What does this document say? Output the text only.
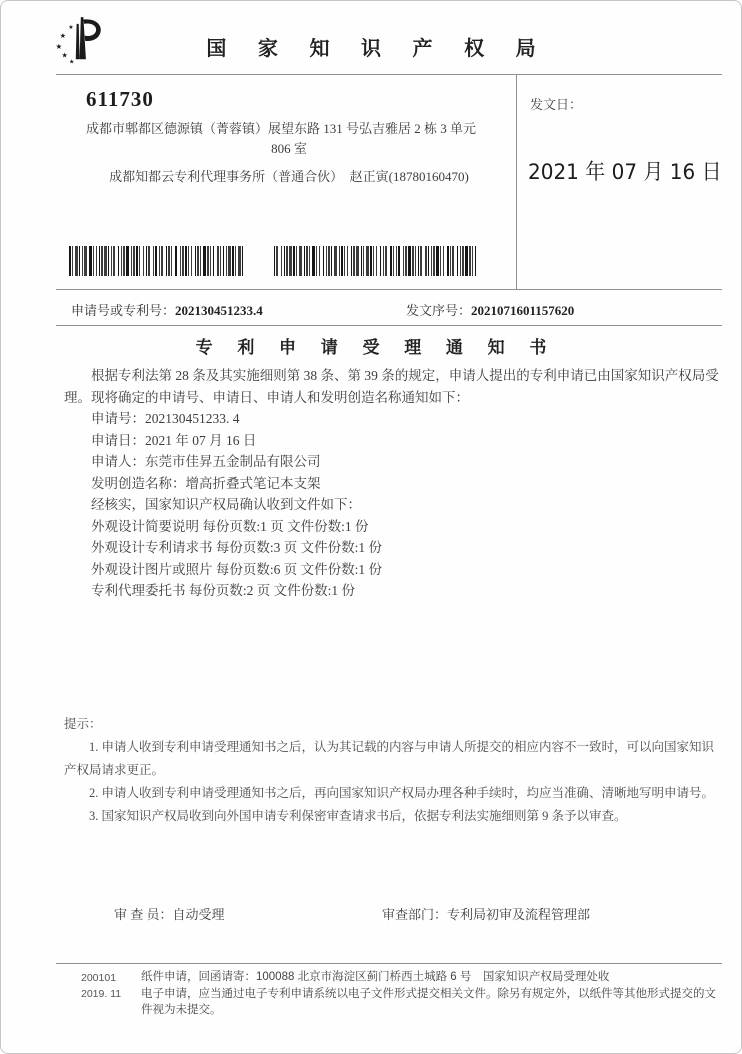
★
★
★
★
★
国 家 知 识 产 权 局
611730
成都市郫都区德源镇（菁蓉镇）展望东路 131 号弘吉雅居 2 栋 3 单元
806 室
成都知都云专利代理事务所（普通合伙）　赵正寅(18780160470)
发文日：
2021 年 07 月 16 日
申请号或专利号：202130451233.4	发文序号：2021071601157620
专 利 申 请 受 理 通 知 书

根据专利法第 28 条及其实施细则第 38 条、第 39 条的规定，申请人提出的专利申请已由国家知识产权局受理。现将确定的申请号、申请日、申请人和发明创造名称通知如下：

申请号：202130451233. 4

申请日：2021 年 07 月 16 日

申请人：东莞市佳昇五金制品有限公司

发明创造名称：增高折叠式笔记本支架

经核实，国家知识产权局确认收到文件如下：

外观设计简要说明 每份页数:1 页 文件份数:1 份

外观设计专利请求书 每份页数:3 页 文件份数:1 份

外观设计图片或照片 每份页数:6 页 文件份数:1 份

专利代理委托书 每份页数:2 页 文件份数:1 份

提示：

1. 申请人收到专利申请受理通知书之后，认为其记载的内容与申请人所提交的相应内容不一致时，可以向国家知识产权局请求更正。

2. 申请人收到专利申请受理通知书之后，再向国家知识产权局办理各种手续时，均应当准确、清晰地写明申请号。

3. 国家知识产权局收到向外国申请专利保密审查请求书后，依据专利法实施细则第 9 条予以审查。

审 查 员：自动受理	审查部门：专利局初审及流程管理部
200101
2019. 11

纸件申请，回函请寄：100088 北京市海淀区蓟门桥西土城路 6 号　国家知识产权局受理处收

电子申请，应当通过电子专利申请系统以电子文件形式提交相关文件。除另有规定外，以纸件等其他形式提交的文件视为未提交。
